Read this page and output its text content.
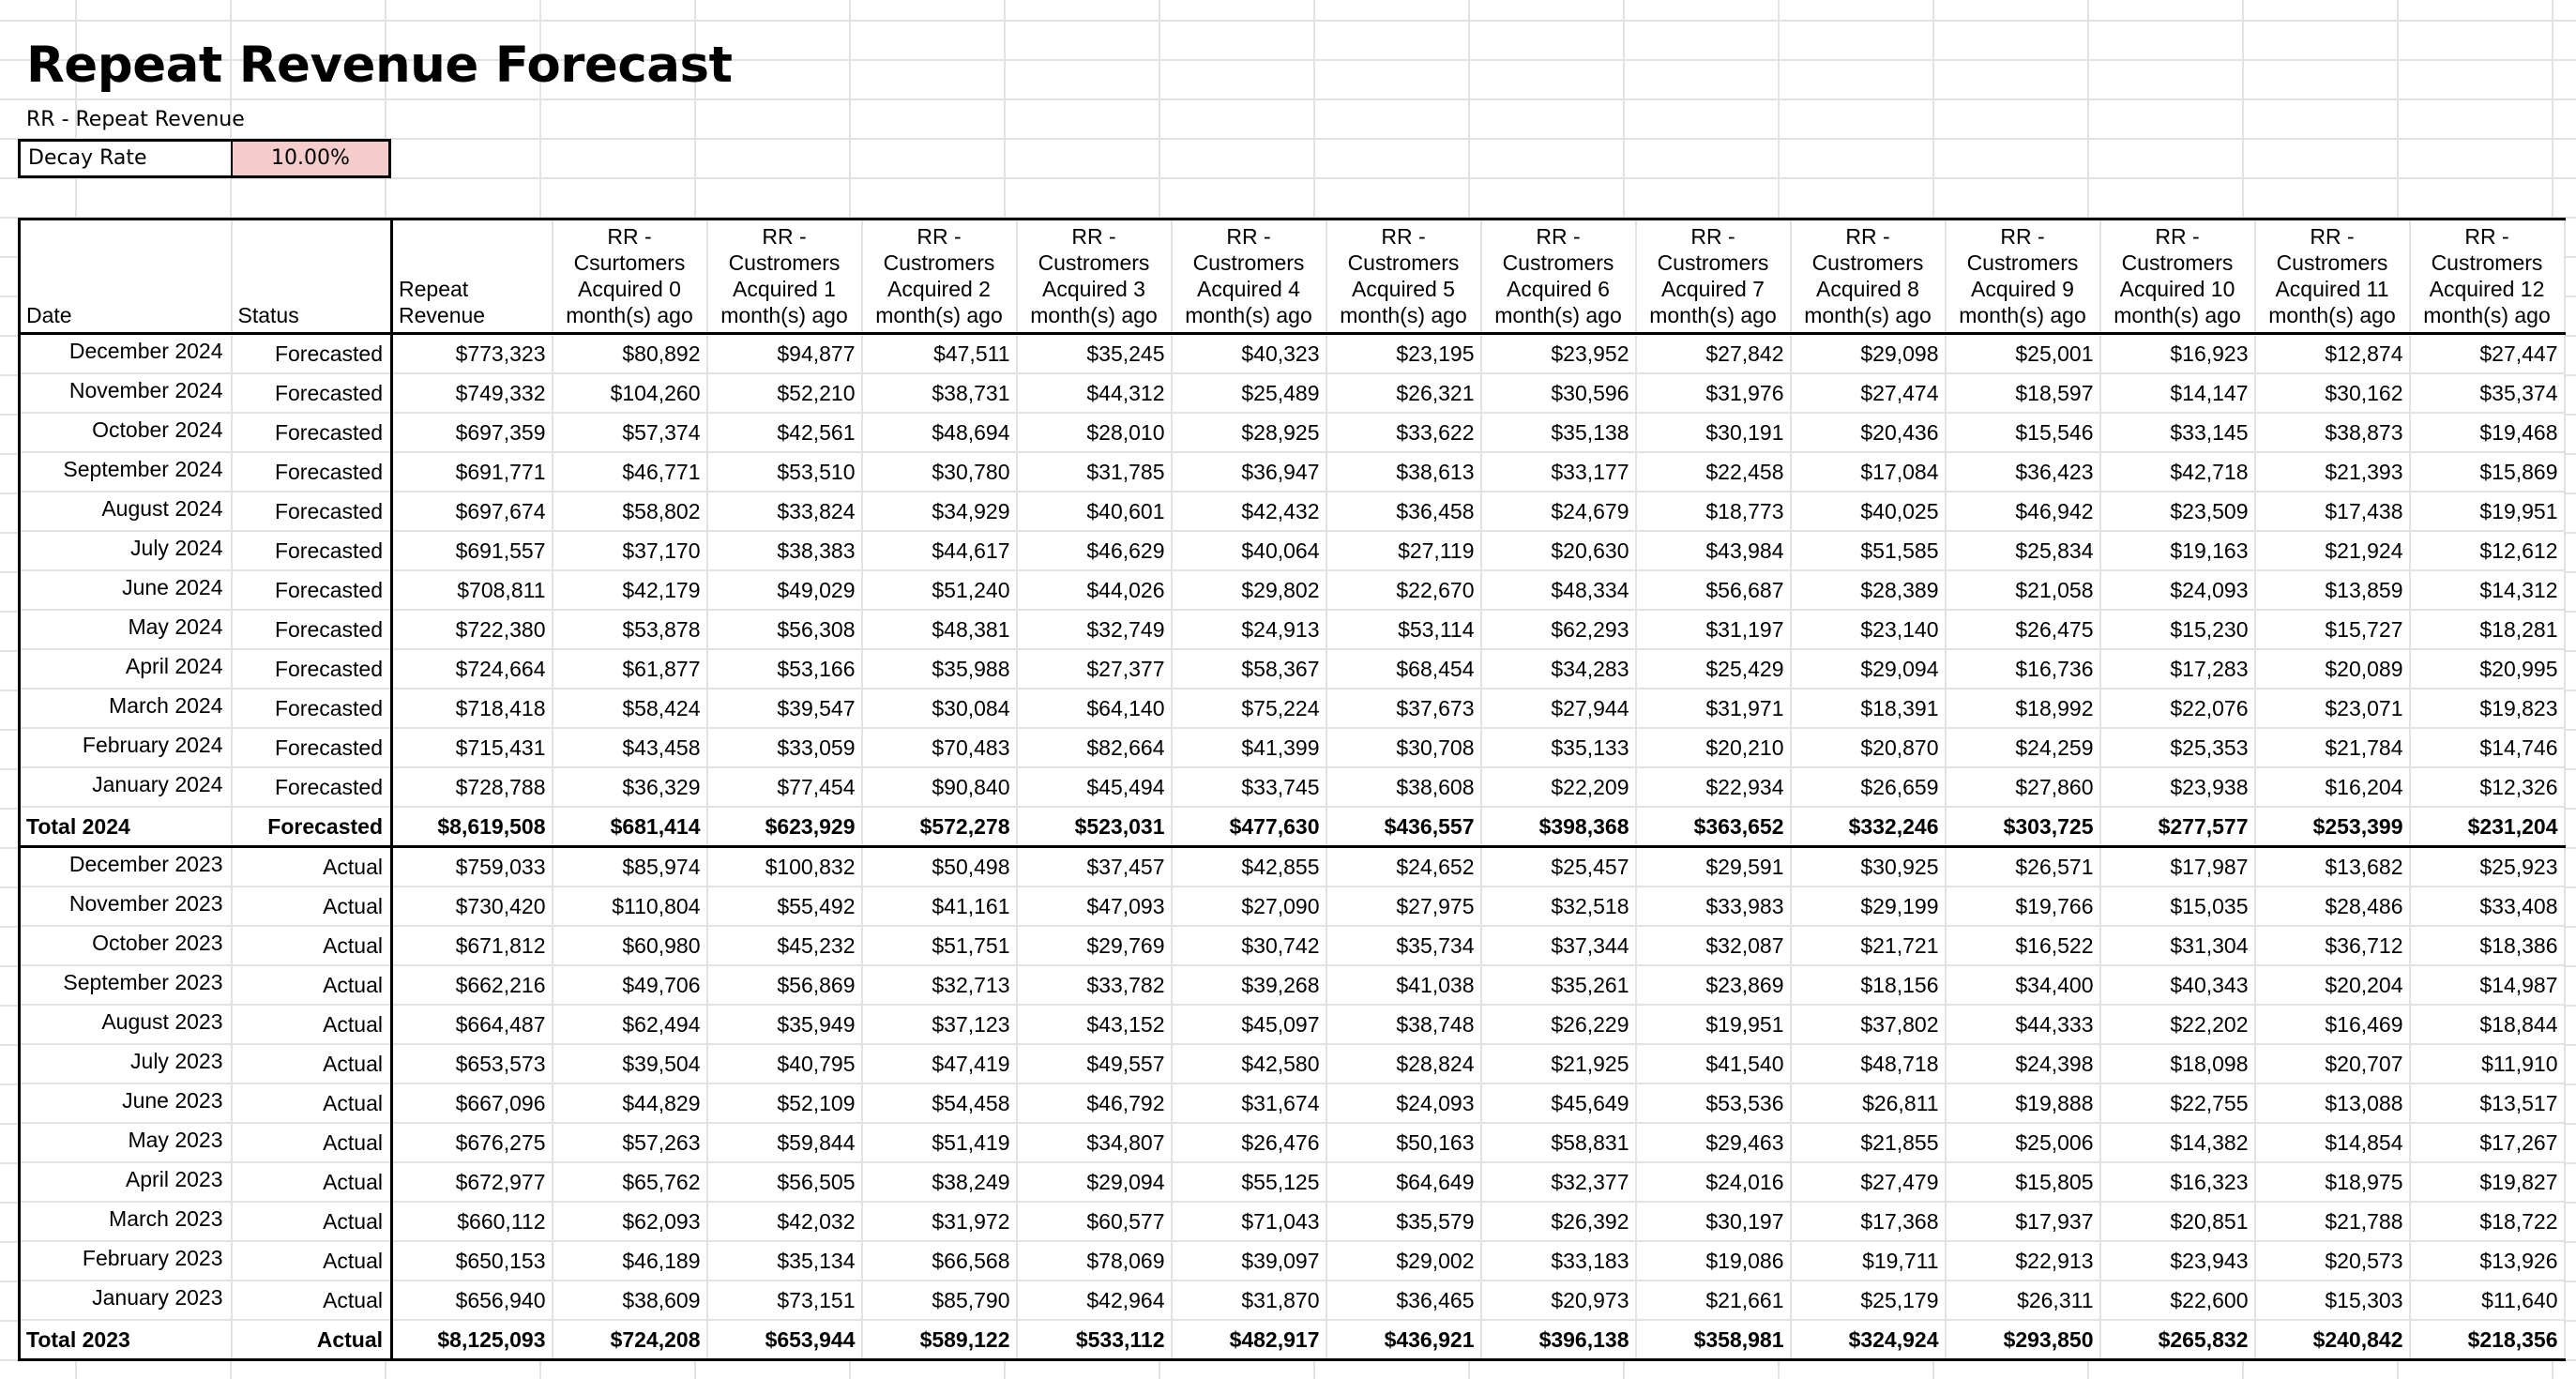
Repeat Revenue Forecast
RR - Repeat Revenue
Decay Rate	10.00%
Date	Status	Repeat Revenue	RR - Csurtomers Acquired 0 month(s) ago	RR - Custromers Acquired 1 month(s) ago	RR - Custromers Acquired 2 month(s) ago	RR - Custromers Acquired 3 month(s) ago	RR - Custromers Acquired 4 month(s) ago	RR - Custromers Acquired 5 month(s) ago	RR - Custromers Acquired 6 month(s) ago	RR - Custromers Acquired 7 month(s) ago	RR - Custromers Acquired 8 month(s) ago	RR - Custromers Acquired 9 month(s) ago	RR - Custromers Acquired 10 month(s) ago	RR - Custromers Acquired 11 month(s) ago	RR - Custromers Acquired 12 month(s) ago
December 2024	Forecasted	$773,323	$80,892	$94,877	$47,511	$35,245	$40,323	$23,195	$23,952	$27,842	$29,098	$25,001	$16,923	$12,874	$27,447
November 2024	Forecasted	$749,332	$104,260	$52,210	$38,731	$44,312	$25,489	$26,321	$30,596	$31,976	$27,474	$18,597	$14,147	$30,162	$35,374
October 2024	Forecasted	$697,359	$57,374	$42,561	$48,694	$28,010	$28,925	$33,622	$35,138	$30,191	$20,436	$15,546	$33,145	$38,873	$19,468
September 2024	Forecasted	$691,771	$46,771	$53,510	$30,780	$31,785	$36,947	$38,613	$33,177	$22,458	$17,084	$36,423	$42,718	$21,393	$15,869
August 2024	Forecasted	$697,674	$58,802	$33,824	$34,929	$40,601	$42,432	$36,458	$24,679	$18,773	$40,025	$46,942	$23,509	$17,438	$19,951
July 2024	Forecasted	$691,557	$37,170	$38,383	$44,617	$46,629	$40,064	$27,119	$20,630	$43,984	$51,585	$25,834	$19,163	$21,924	$12,612
June 2024	Forecasted	$708,811	$42,179	$49,029	$51,240	$44,026	$29,802	$22,670	$48,334	$56,687	$28,389	$21,058	$24,093	$13,859	$14,312
May 2024	Forecasted	$722,380	$53,878	$56,308	$48,381	$32,749	$24,913	$53,114	$62,293	$31,197	$23,140	$26,475	$15,230	$15,727	$18,281
April 2024	Forecasted	$724,664	$61,877	$53,166	$35,988	$27,377	$58,367	$68,454	$34,283	$25,429	$29,094	$16,736	$17,283	$20,089	$20,995
March 2024	Forecasted	$718,418	$58,424	$39,547	$30,084	$64,140	$75,224	$37,673	$27,944	$31,971	$18,391	$18,992	$22,076	$23,071	$19,823
February 2024	Forecasted	$715,431	$43,458	$33,059	$70,483	$82,664	$41,399	$30,708	$35,133	$20,210	$20,870	$24,259	$25,353	$21,784	$14,746
January 2024	Forecasted	$728,788	$36,329	$77,454	$90,840	$45,494	$33,745	$38,608	$22,209	$22,934	$26,659	$27,860	$23,938	$16,204	$12,326
Total 2024	Forecasted	$8,619,508	$681,414	$623,929	$572,278	$523,031	$477,630	$436,557	$398,368	$363,652	$332,246	$303,725	$277,577	$253,399	$231,204
December 2023	Actual	$759,033	$85,974	$100,832	$50,498	$37,457	$42,855	$24,652	$25,457	$29,591	$30,925	$26,571	$17,987	$13,682	$25,923
November 2023	Actual	$730,420	$110,804	$55,492	$41,161	$47,093	$27,090	$27,975	$32,518	$33,983	$29,199	$19,766	$15,035	$28,486	$33,408
October 2023	Actual	$671,812	$60,980	$45,232	$51,751	$29,769	$30,742	$35,734	$37,344	$32,087	$21,721	$16,522	$31,304	$36,712	$18,386
September 2023	Actual	$662,216	$49,706	$56,869	$32,713	$33,782	$39,268	$41,038	$35,261	$23,869	$18,156	$34,400	$40,343	$20,204	$14,987
August 2023	Actual	$664,487	$62,494	$35,949	$37,123	$43,152	$45,097	$38,748	$26,229	$19,951	$37,802	$44,333	$22,202	$16,469	$18,844
July 2023	Actual	$653,573	$39,504	$40,795	$47,419	$49,557	$42,580	$28,824	$21,925	$41,540	$48,718	$24,398	$18,098	$20,707	$11,910
June 2023	Actual	$667,096	$44,829	$52,109	$54,458	$46,792	$31,674	$24,093	$45,649	$53,536	$26,811	$19,888	$22,755	$13,088	$13,517
May 2023	Actual	$676,275	$57,263	$59,844	$51,419	$34,807	$26,476	$50,163	$58,831	$29,463	$21,855	$25,006	$14,382	$14,854	$17,267
April 2023	Actual	$672,977	$65,762	$56,505	$38,249	$29,094	$55,125	$64,649	$32,377	$24,016	$27,479	$15,805	$16,323	$18,975	$19,827
March 2023	Actual	$660,112	$62,093	$42,032	$31,972	$60,577	$71,043	$35,579	$26,392	$30,197	$17,368	$17,937	$20,851	$21,788	$18,722
February 2023	Actual	$650,153	$46,189	$35,134	$66,568	$78,069	$39,097	$29,002	$33,183	$19,086	$19,711	$22,913	$23,943	$20,573	$13,926
January 2023	Actual	$656,940	$38,609	$73,151	$85,790	$42,964	$31,870	$36,465	$20,973	$21,661	$25,179	$26,311	$22,600	$15,303	$11,640
Total 2023	Actual	$8,125,093	$724,208	$653,944	$589,122	$533,112	$482,917	$436,921	$396,138	$358,981	$324,924	$293,850	$265,832	$240,842	$218,356
